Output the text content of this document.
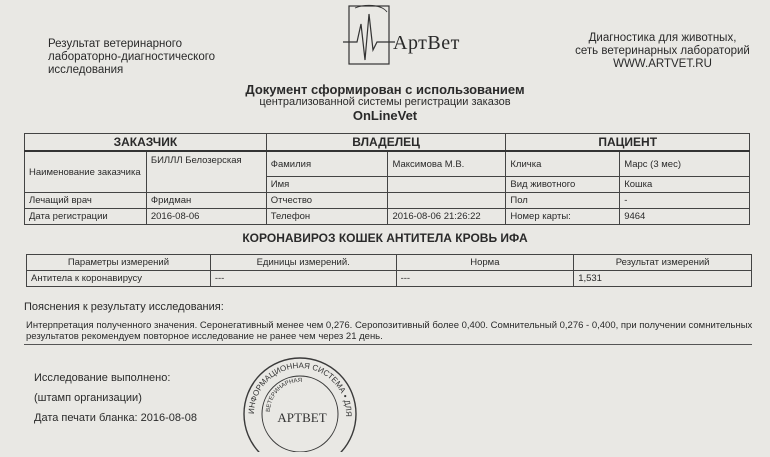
Результат ветеринарного
лабораторно-диагностического
исследования
АртВет	Диагностика для животных,
сеть ветеринарных лабораторий
WWW.ARTVET.RU
Документ сформирован с использованием
централизованной системы регистрации заказов
OnLineVet
ЗАКАЗЧИК		ВЛАДЕЛЕЦ		ПАЦИЕНТ	
Наименование заказчика	БИЛЛЛ Белозерская	Фамилия	Максимова М.В.	Кличка	Марс (3 мес)
		Имя		Вид животного	Кошка
Лечащий врач	Фридман	Отчество		Пол	-
Дата регистрации	2016-08-06	Телефон	2016-08-06 21:26:22	Номер карты:	9464
КОРОНАВИРОЗ КОШЕК АНТИТЕЛА КРОВЬ ИФА
Параметры измерений	Единицы измерений.	Норма	Результат измерений
Антитела к коронавирусу	---	---	1,531
Пояснения к результату исследования:
Интерпретация полученного значения. Серонегативный менее чем 0,276. Серопозитивный более 0,400. Сомнительный 0,276 - 0,400, при получении сомнительных результатов рекомендуем повторное исследование не ранее чем через 21 день.
Исследование выполнено:
(штамп организации)
Дата печати бланка: 2016-08-08
ИНФОРМАЦИОННАЯ СИСТЕМА • ДЛЯ
ВЕТЕРИНАРНАЯ
АРТВЕТ
